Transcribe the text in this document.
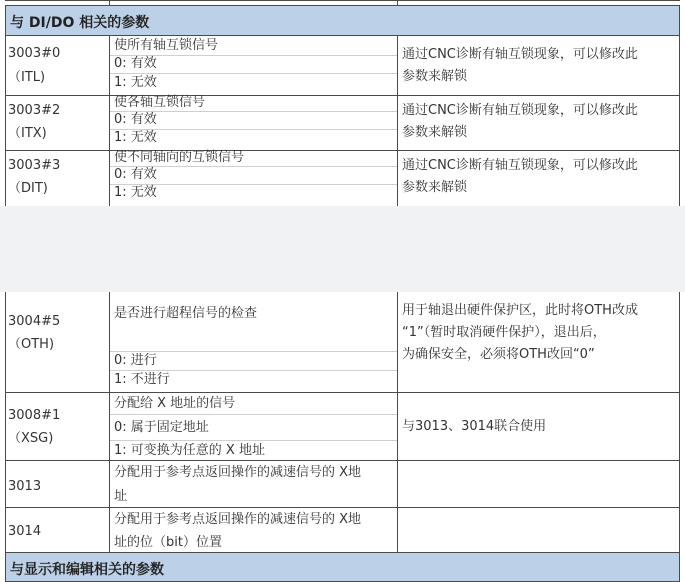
与 DI/DO 相关的参数
3003#0
（ITL)
使所有轴互锁信号
0: 有效
1: 无效
通过CNC诊断有轴互锁现象，可以修改此
参数来解锁
3003#2
（ITX)
使各轴互锁信号
0: 有效
1: 无效
通过CNC诊断有轴互锁现象，可以修改此
参数来解锁
3003#3
（DIT)
使不同轴向的互锁信号
0: 有效
1: 无效
通过CNC诊断有轴互锁现象，可以修改此
参数来解锁
3004#5
（OTH)
是否进行超程信号的检查
0: 进行
1: 不进行
用于轴退出硬件保护区，此时将OTH改成
“1”（暂时取消硬件保护），退出后，
为确保安全，必须将OTH改回“0”
3008#1
（XSG)
分配给 X 地址的信号
0: 属于固定地址
1: 可变换为任意的 X 地址
与3013、3014联合使用
3013
分配用于参考点返回操作的减速信号的 X地
址
3014
分配用于参考点返回操作的减速信号的 X地
址的位（bit）位置
与显示和编辑相关的参数
